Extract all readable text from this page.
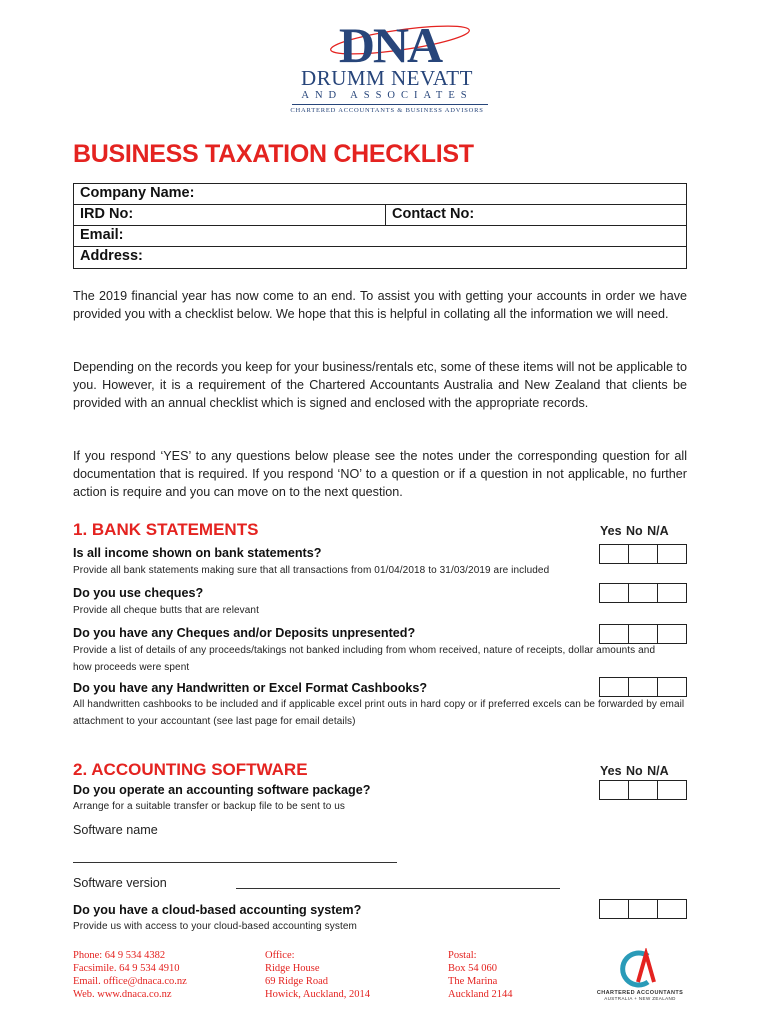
DNA
DRUMM NEVATT
AND ASSOCIATES
CHARTERED ACCOUNTANTS & BUSINESS ADVISORS
BUSINESS TAXATION CHECKLIST
Company Name:
IRD No:	Contact No:
Email:
Address:
The 2019 financial year has now come to an end. To assist you with getting your accounts in order we have provided you with a checklist below. We hope that this is helpful in collating all the information we will need.
Depending on the records you keep for your business/rentals etc, some of these items will not be applicable to you. However, it is a requirement of the Chartered Accountants Australia and New Zealand that clients be provided with an annual checklist which is signed and enclosed with the appropriate records.
If you respond ‘YES’ to any questions below please see the notes under the corresponding question for all documentation that is required. If you respond ‘NO’ to a question or if a question in not applicable, no further action is require and you can move on to the next question.
1. BANK STATEMENTS	Yes No N/A
Is all income shown on bank statements?
Provide all bank statements making sure that all transactions from 01/04/2018 to 31/03/2019 are included
Do you use cheques?
Provide all cheque butts that are relevant
Do you have any Cheques and/or Deposits unpresented?
Provide a list of details of any proceeds/takings not banked including from whom received, nature of receipts, dollar amounts and how proceeds were spent
Do you have any Handwritten or Excel Format Cashbooks?
All handwritten cashbooks to be included and if applicable excel print outs in hard copy or if preferred excels can be forwarded by email attachment to your accountant (see last page for email details)
2. ACCOUNTING SOFTWARE	Yes No N/A
Do you operate an accounting software package?
Arrange for a suitable transfer or backup file to be sent to us
Software name
Software version
Do you have a cloud-based accounting system?
Provide us with access to your cloud-based accounting system
Phone: 64 9 534 4382
Facsimile. 64 9 534 4910
Email. office@dnaca.co.nz
Web. www.dnaca.co.nz
Office:
Ridge House
69 Ridge Road
Howick, Auckland, 2014
Postal:
Box 54 060
The Marina
Auckland 2144	CHARTERED ACCOUNTANTS
AUSTRALIA + NEW ZEALAND
